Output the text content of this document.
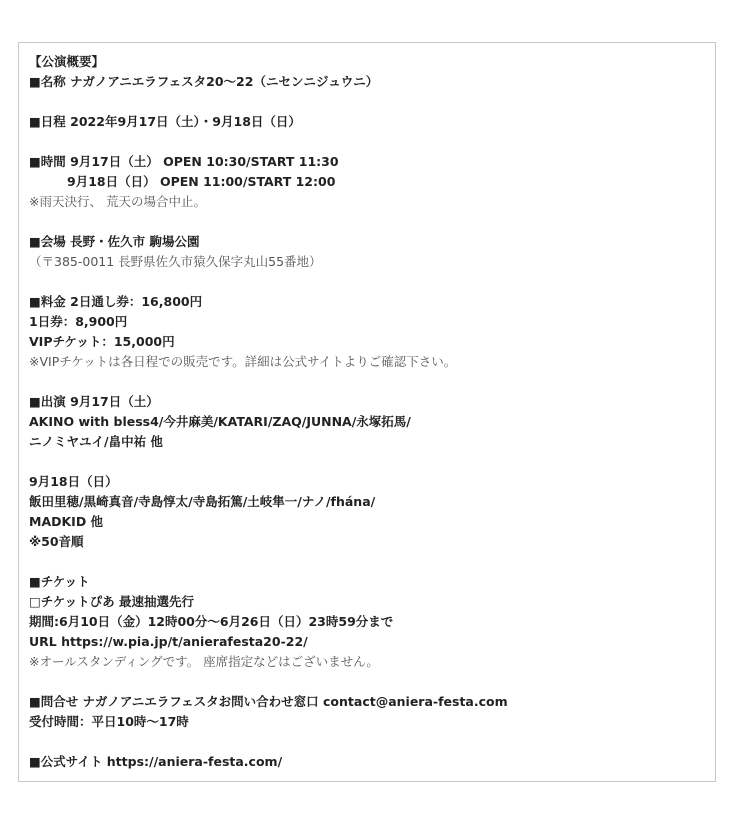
【公演概要】
■名称 ナガノアニエラフェスタ20〜22（ニセンニジュウニ）
■日程 2022年9月17日（土）・9月18日（日）
■時間 9月17日（土） OPEN 10:30/START 11:30
9月18日（日） OPEN 11:00/START 12:00
※雨天決行、 荒天の場合中止。
■会場 長野・佐久市 駒場公園
（〒385-0011 長野県佐久市猿久保字丸山55番地）
■料金 2日通し券：16,800円
1日券：8,900円
VIPチケット：15,000円
※VIPチケットは各日程での販売です。詳細は公式サイトよりご確認下さい。
■出演 9月17日（土）
AKINO with bless4/今井麻美/KATARI/ZAQ/JUNNA/永塚拓馬/
ニノミヤユイ/畠中祐 他
9月18日（日）
飯田里穂/黒崎真音/寺島惇太/寺島拓篤/土岐隼一/ナノ/fhána/
MADKID 他
※50音順
■チケット
□チケットぴあ 最速抽選先行
期間:6月10日（金）12時00分〜6月26日（日）23時59分まで
URL https://w.pia.jp/t/anierafesta20-22/
※オールスタンディングです。 座席指定などはございません。
■問合せ ナガノアニエラフェスタお問い合わせ窓口 contact@aniera-festa.com
受付時間：平日10時〜17時
■公式サイト https://aniera-festa.com/
